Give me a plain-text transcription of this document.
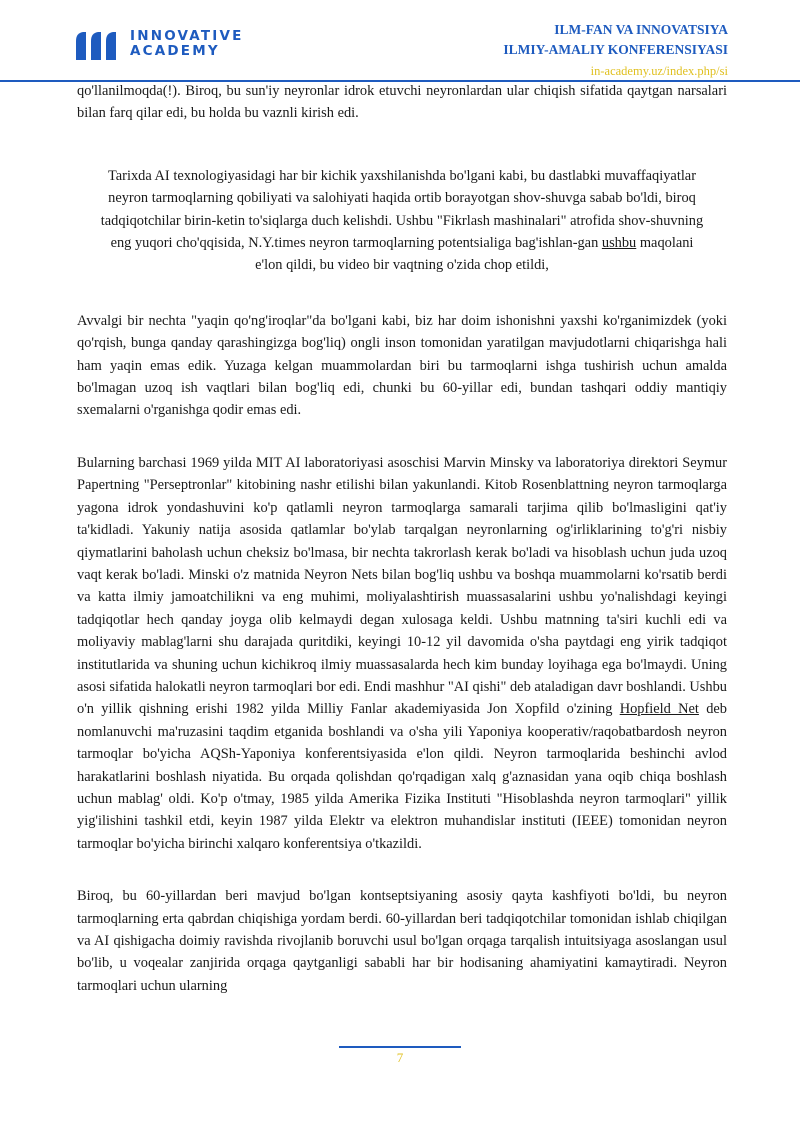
INNOVATIVE
ACADEMY
ILM-FAN VA INNOVATSIYA
ILMIY-AMALIY KONFERENSIYASI
in-academy.uz/index.php/si

qo'llanilmoqda(!). Biroq, bu sun'iy neyronlar idrok etuvchi neyronlardan ular chiqish sifatida qaytgan narsalari bilan farq qilar edi, bu holda bu vaznli kirish edi.

Tarixda AI texnologiyasidagi har bir kichik yaxshilanishda bo'lgani kabi, bu dastlabki muvaffaqiyatlar neyron tarmoqlarning qobiliyati va salohiyati haqida ortib borayotgan shov-shuvga sabab bo'ldi, biroq tadqiqotchilar birin-ketin to'siqlarga duch kelishdi. Ushbu "Fikrlash mashinalari" atrofida shov-shuvning eng yuqori cho'qqisida, N.Y.times neyron tarmoqlarning potentsialiga bag'ishlan-gan ushbu maqolani e'lon qildi, bu video bir vaqtning o'zida chop etildi,

Avvalgi bir nechta "yaqin qo'ng'iroqlar"da bo'lgani kabi, biz har doim ishonishni yaxshi ko'rganimizdek (yoki qo'rqish, bunga qanday qarashingizga bog'liq) ongli inson tomonidan yaratilgan mavjudotlarni chiqarishga hali ham yaqin emas edik. Yuzaga kelgan muammolardan biri bu tarmoqlarni ishga tushirish uchun amalda bo'lmagan uzoq ish vaqtlari bilan bog'liq edi, chunki bu 60-yillar edi, bundan tashqari oddiy mantiqiy sxemalarni o'rganishga qodir emas edi.

Bularning barchasi 1969 yilda MIT AI laboratoriyasi asoschisi Marvin Minsky va laboratoriya direktori Seymur Papertning "Perseptronlar" kitobining nashr etilishi bilan yakunlandi. Kitob Rosenblattning neyron tarmoqlarga yagona idrok yondashuvini ko'p qatlamli neyron tarmoqlarga samarali tarjima qilib bo'lmasligini qat'iy ta'kidladi. Yakuniy natija asosida qatlamlar bo'ylab tarqalgan neyronlarning og'irliklarining to'g'ri nisbiy qiymatlarini baholash uchun cheksiz bo'lmasa, bir nechta takrorlash kerak bo'ladi va hisoblash uchun juda uzoq vaqt kerak bo'ladi. Minski o'z matnida Neyron Nets bilan bog'liq ushbu va boshqa muammolarni ko'rsatib berdi va katta ilmiy jamoatchilikni va eng muhimi, moliyalashtirish muassasalarini ushbu yo'nalishdagi keyingi tadqiqotlar hech qanday joyga olib kelmaydi degan xulosaga keldi. Ushbu matnning ta'siri kuchli edi va moliyaviy mablag'larni shu darajada quritdiki, keyingi 10-12 yil davomida o'sha paytdagi eng yirik tadqiqot institutlarida va shuning uchun kichikroq ilmiy muassasalarda hech kim bunday loyihaga ega bo'lmaydi. Uning asosi sifatida halokatli neyron tarmoqlari bor edi. Endi mashhur "AI qishi" deb ataladigan davr boshlandi. Ushbu o'n yillik qishning erishi 1982 yilda Milliy Fanlar akademiyasida Jon Xopfild o'zining Hopfield Net deb nomlanuvchi ma'ruzasini taqdim etganida boshlandi va o'sha yili Yaponiya kooperativ/raqobatbardosh neyron tarmoqlar bo'yicha AQSh-Yaponiya konferentsiyasida e'lon qildi. Neyron tarmoqlarida beshinchi avlod harakatlarini boshlash niyatida. Bu orqada qolishdan qo'rqadigan xalq g'aznasidan yana oqib chiqa boshlash uchun mablag' oldi. Ko'p o'tmay, 1985 yilda Amerika Fizika Instituti "Hisoblashda neyron tarmoqlari" yillik yig'ilishini tashkil etdi, keyin 1987 yilda Elektr va elektron muhandislar instituti (IEEE) tomonidan neyron tarmoqlar bo'yicha birinchi xalqaro konferentsiya o'tkazildi.

Biroq, bu 60-yillardan beri mavjud bo'lgan kontseptsiyaning asosiy qayta kashfiyoti bo'ldi, bu neyron tarmoqlarning erta qabrdan chiqishiga yordam berdi. 60-yillardan beri tadqiqotchilar tomonidan ishlab chiqilgan va AI qishigacha doimiy ravishda rivojlanib boruvchi usul bo'lgan orqaga tarqalish intuitsiyaga asoslangan usul bo'lib, u voqealar zanjirida orqaga qaytganligi sababli har bir hodisaning ahamiyatini kamaytiradi. Neyron tarmoqlari uchun ularning

7
